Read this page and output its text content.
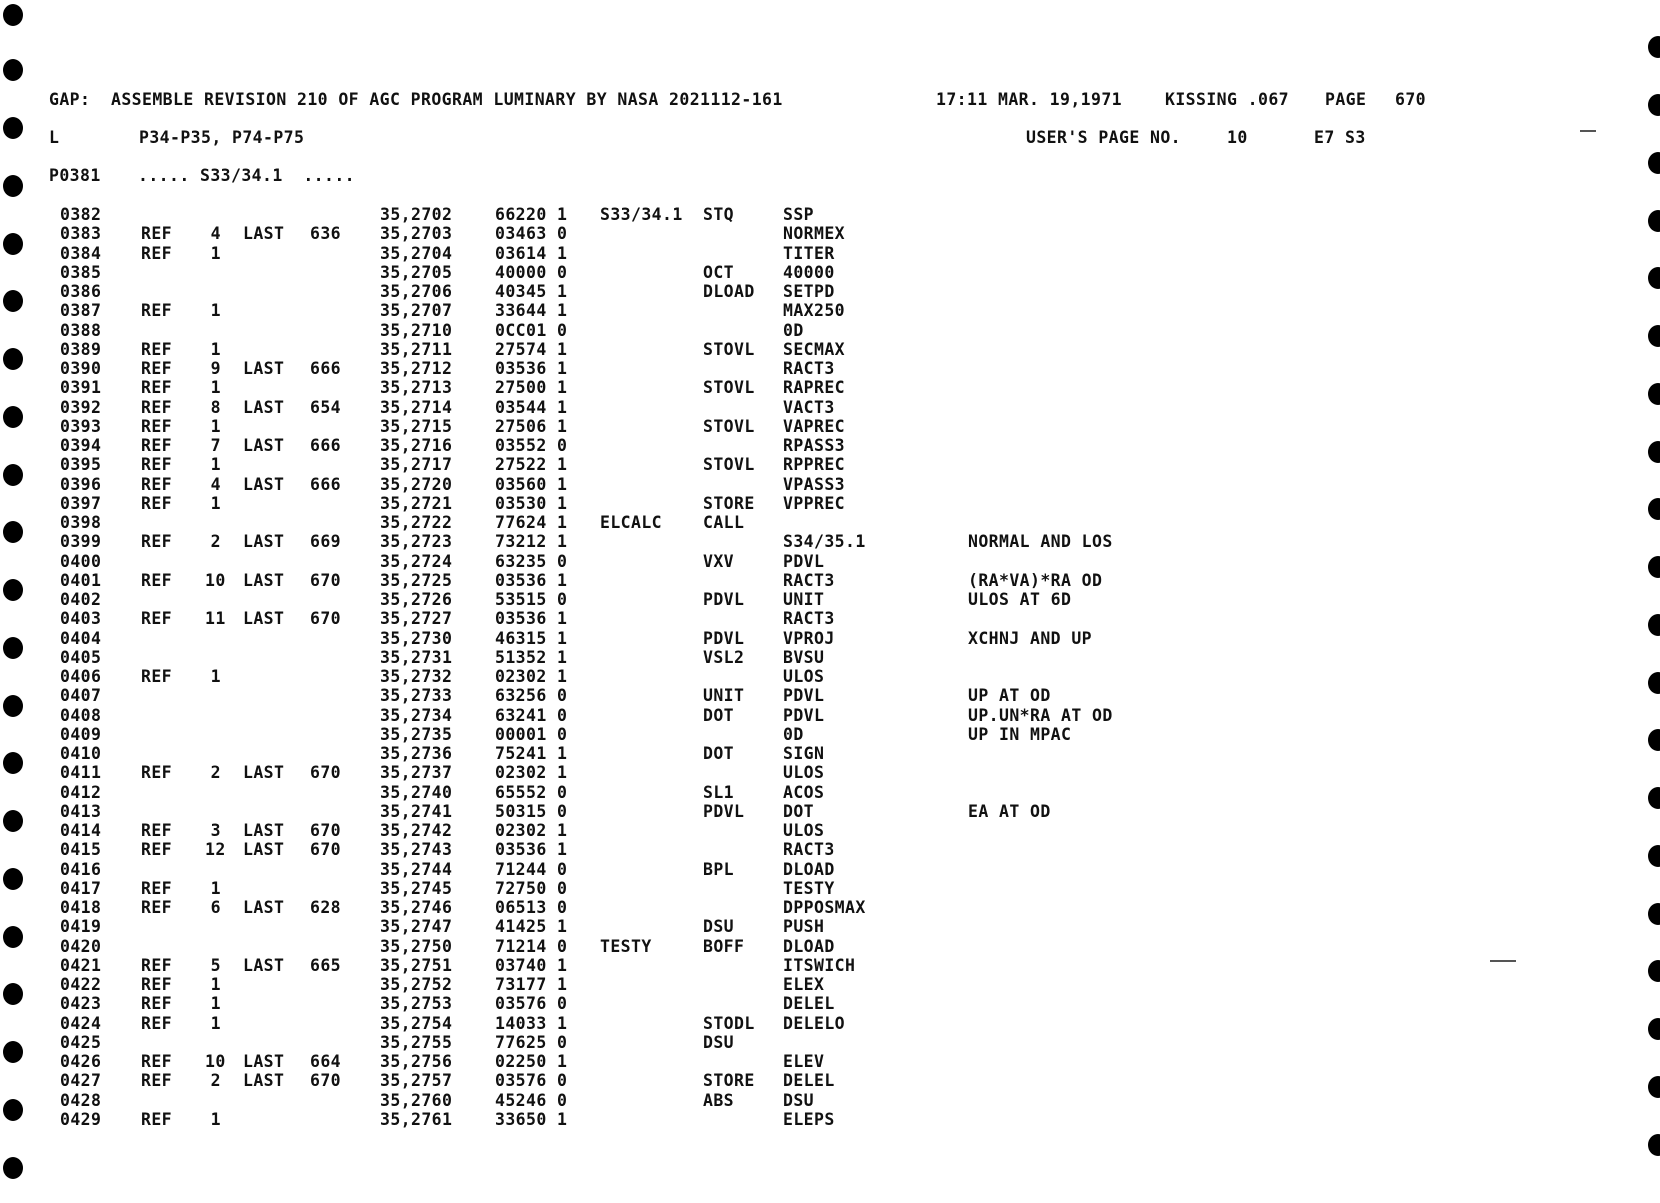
GAP:  ASSEMBLE REVISION 210 OF AGC PROGRAM LUMINARY BY NASA 2021112-161	17:11 MAR. 19,1971	KISSING .067 PAGE 670
L	P34-P35, P74-P75	USER'S PAGE NO.	10	E7 S3
P0381 ..... S33/34.1  .....
0382	35,2702	66220 1 S33/34.1 STQ	SSP
0383 REF	4 LAST 636 35,2703	03463 0	NORMEX
0384 REF	1	35,2704	03614 1	TITER
0385	35,2705	40000 0	OCT	40000
0386	35,2706	40345 1	DLOAD SETPD
0387 REF	1	35,2707	33644 1	MAX250
0388	35,2710	0CC01 0	0D
0389 REF	1	35,2711	27574 1	STOVL SECMAX
0390 REF	9 LAST 666 35,2712	03536 1	RACT3
0391 REF	1	35,2713	27500 1	STOVL RAPREC
0392 REF	8 LAST 654 35,2714	03544 1	VACT3
0393 REF	1	35,2715	27506 1	STOVL VAPREC
0394 REF	7 LAST 666 35,2716	03552 0	RPASS3
0395 REF	1	35,2717	27522 1	STOVL RPPREC
0396 REF	4 LAST 666 35,2720	03560 1	VPASS3
0397 REF	1	35,2721	03530 1	STORE VPPREC
0398	35,2722	77624 1 ELCALC CALL
0399 REF	2 LAST 669 35,2723	73212 1	S34/35.1	NORMAL AND LOS
0400	35,2724	63235 0	VXV	PDVL
0401 REF 10 LAST 670 35,2725	03536 1	RACT3	(RA*VA)*RA OD
0402	35,2726	53515 0	PDVL UNIT	ULOS AT 6D
0403 REF 11 LAST 670 35,2727	03536 1	RACT3
0404	35,2730	46315 1	PDVL VPROJ	XCHNJ AND UP
0405	35,2731	51352 1	VSL2 BVSU
0406 REF	1	35,2732	02302 1	ULOS
0407	35,2733	63256 0	UNIT PDVL	UP AT OD
0408	35,2734	63241 0	DOT	PDVL	UP.UN*RA AT OD
0409	35,2735	00001 0	0D	UP IN MPAC
0410	35,2736	75241 1	DOT	SIGN
0411 REF	2 LAST 670 35,2737	02302 1	ULOS
0412	35,2740	65552 0	SL1	ACOS
0413	35,2741	50315 0	PDVL DOT	EA AT OD
0414 REF	3 LAST 670 35,2742	02302 1	ULOS
0415 REF 12 LAST 670 35,2743	03536 1	RACT3
0416	35,2744	71244 0	BPL	DLOAD
0417 REF	1	35,2745	72750 0	TESTY
0418 REF	6 LAST 628 35,2746	06513 0	DPPOSMAX
0419	35,2747	41425 1	DSU	PUSH
0420	35,2750	71214 0 TESTY	BOFF DLOAD
0421 REF	5 LAST 665 35,2751	03740 1	ITSWICH
0422 REF	1	35,2752	73177 1	ELEX
0423 REF	1	35,2753	03576 0	DELEL
0424 REF	1	35,2754	14033 1	STODL DELELO
0425	35,2755	77625 0	DSU
0426 REF 10 LAST 664 35,2756	02250 1	ELEV
0427 REF	2 LAST 670 35,2757	03576 0	STORE DELEL
0428	35,2760	45246 0	ABS	DSU
0429 REF	1	35,2761	33650 1	ELEPS
